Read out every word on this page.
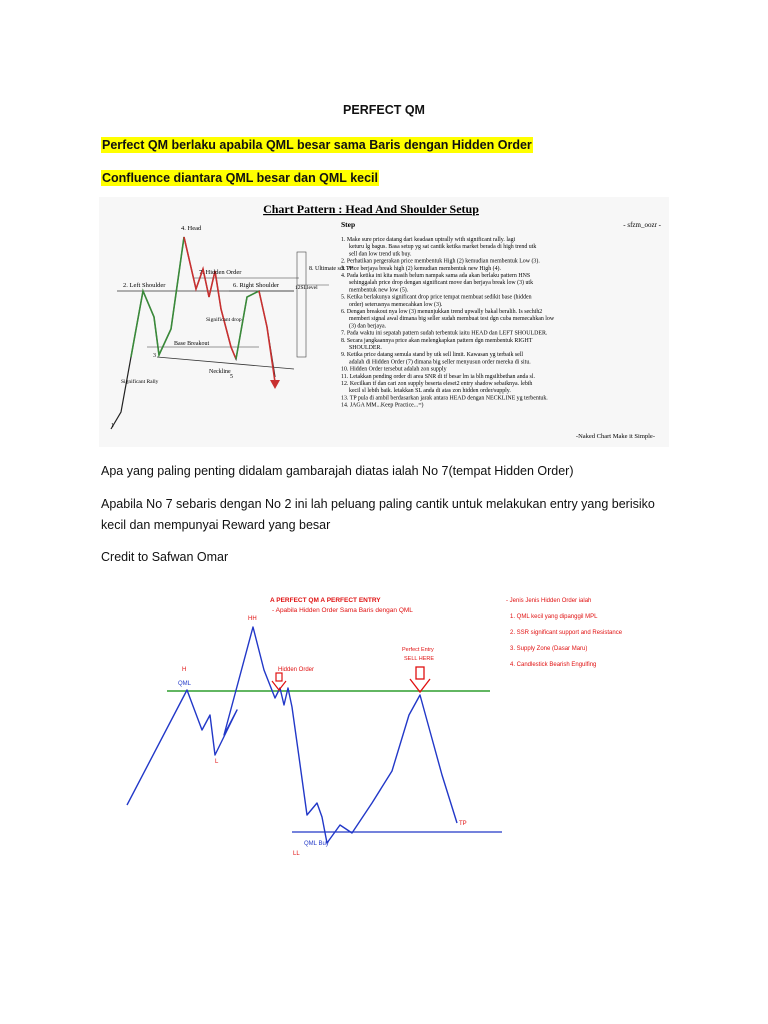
PERFECT QM
Perfect QM berlaku apabila QML besar sama Baris dengan Hidden Order
Confluence diantara QML besar dan QML kecil
Chart Pattern : Head And Shoulder Setup
4. Head
2. Left Shoulder
7. Hidden Order
6. Right Shoulder
8. Ultimate sdt TP
12SLlevel
Base Breakout
Neckline
Significant drop
Significant Rally
1
3
5
Step	- sfzm_oozr -
1. Make sure price datang dari keadaan uptrally with significant rally. lagi keturu lg bagus. Basa setup yg sat cantik ketika market berada di high trend utk sell dan low trend utk buy.
2. Perhatikan pergerakan price membentuk High (2) kemudian membentuk Low (3).
3. Price berjaya break high (2) kemudian membentuk new High (4).
4. Pada ketika ini kita masih belum nampak sama ada akan berlaku pattern HNS sehinggalah price drop dengan significant move dan berjaya break low (3) utk membentuk new low (5).
5. Ketika berlakunya significant drop price tempat membuat sedikit base (hidden order) seterusnya memecahkan low (3).
6. Dengan breakout nya low (3) menunjukkan trend upwally bakal beralih. Is sechih2 memberi signal awal dimana big seller sudah membuat test dgn cuba memecahkan low (3) dan berjaya.
7. Pada waktu ini sepatah pattern sudah terbentuk iaitu HEAD dan LEFT SHOULDER.
8. Secara jangkaannya price akan melengkapkan pattern dgn membentuk RIGHT SHOULDER.
9. Ketika price datang semula stand by utk sell limit. Kawasan yg terbaik sell adalah di Hidden Order (7) dimana big seller menyusun order mereka di situ.
10. Hidden Order tersebut adalah zon supply
11. Letakkan pending order di area SNR di tf besar lm ia blh mgsiltbethan anda sl.
12. Kecilkan tf dan cari zon supply beserta eleset2 entry shadow sebaiknya. lebih kecil sl lebih baik. letakkan SL anda di atas zon hidden order/supply.
13. TP pula di ambil berdasarkan jarak antara HEAD dengan NECKLINE yg terbentuk.
14. JAGA MM...Keep Practice...=)
-Naked Chart Make it Simple-
Apa yang paling penting didalam gambarajah diatas ialah No 7(tempat Hidden Order)
Apabila No 7 sebaris dengan No 2 ini lah peluang paling cantik untuk melakukan entry yang berisiko kecil dan mempunyai Reward yang besar
Credit to Safwan Omar
A PERFECT QM A PERFECT ENTRY
- Apabila Hidden Order Sama Baris dengan QML
HH
H
QML
L
Hidden Order
Perfect Entry
SELL HERE
TP
QML Buy
LL
- Jenis Jenis Hidden Order ialah
1. QML kecil yang dipanggil MPL
2. SSR significant support and Resistance
3. Supply Zone (Dasar Maru)
4. Candlestick Bearish Engulfing
